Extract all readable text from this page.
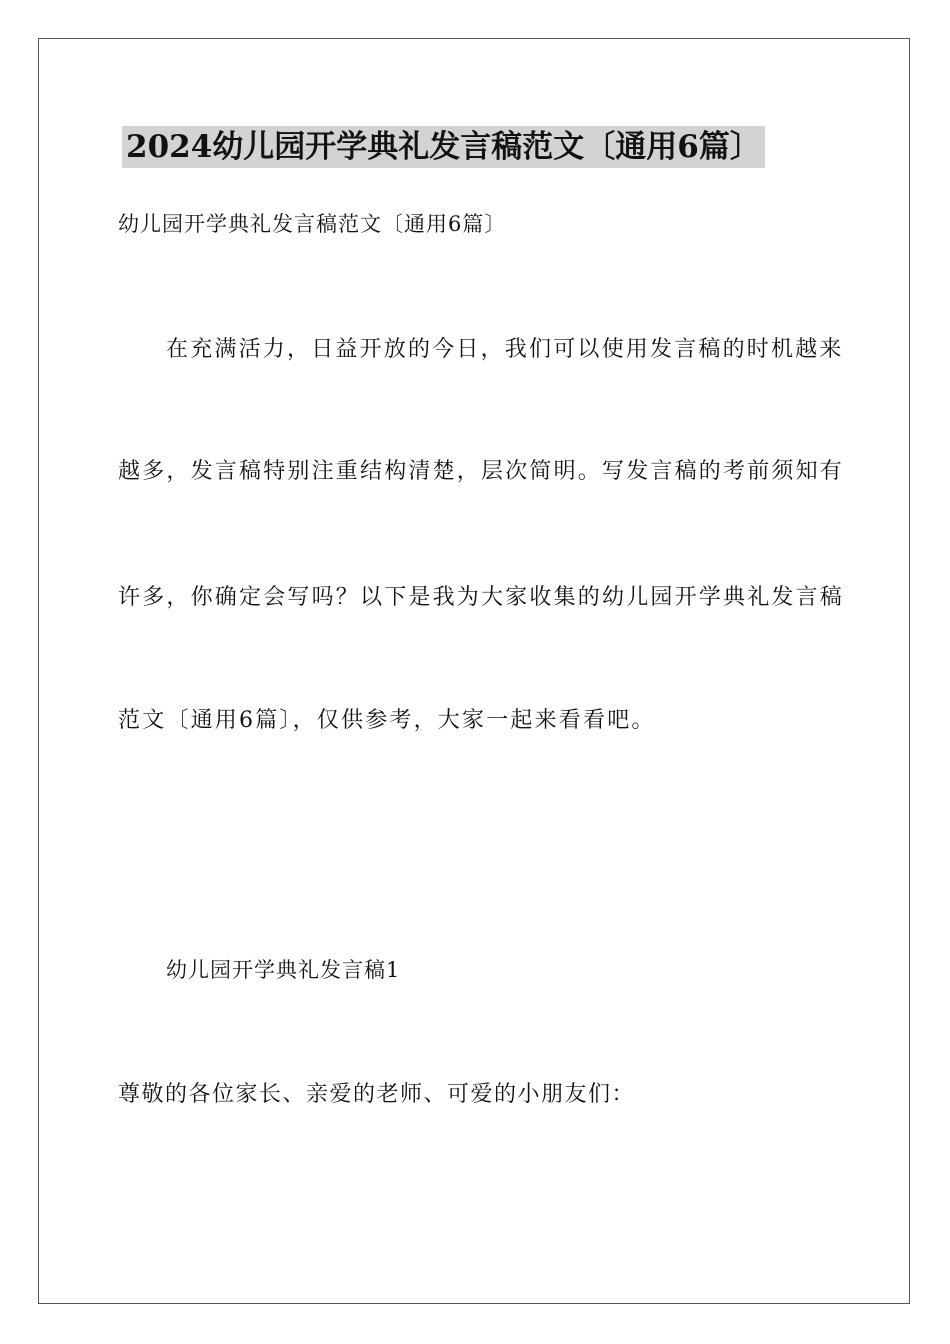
2024幼儿园开学典礼发言稿范文〔通用6篇〕
幼儿园开学典礼发言稿范文〔通用6篇〕
在充满活力，日益开放的今日，我们可以使用发言稿的时机越来
越多，发言稿特别注重结构清楚，层次简明。写发言稿的考前须知有
许多，你确定会写吗？以下是我为大家收集的幼儿园开学典礼发言稿
范文〔通用6篇〕，仅供参考，大家一起来看看吧。
幼儿园开学典礼发言稿1
尊敬的各位家长、亲爱的老师、可爱的小朋友们：
